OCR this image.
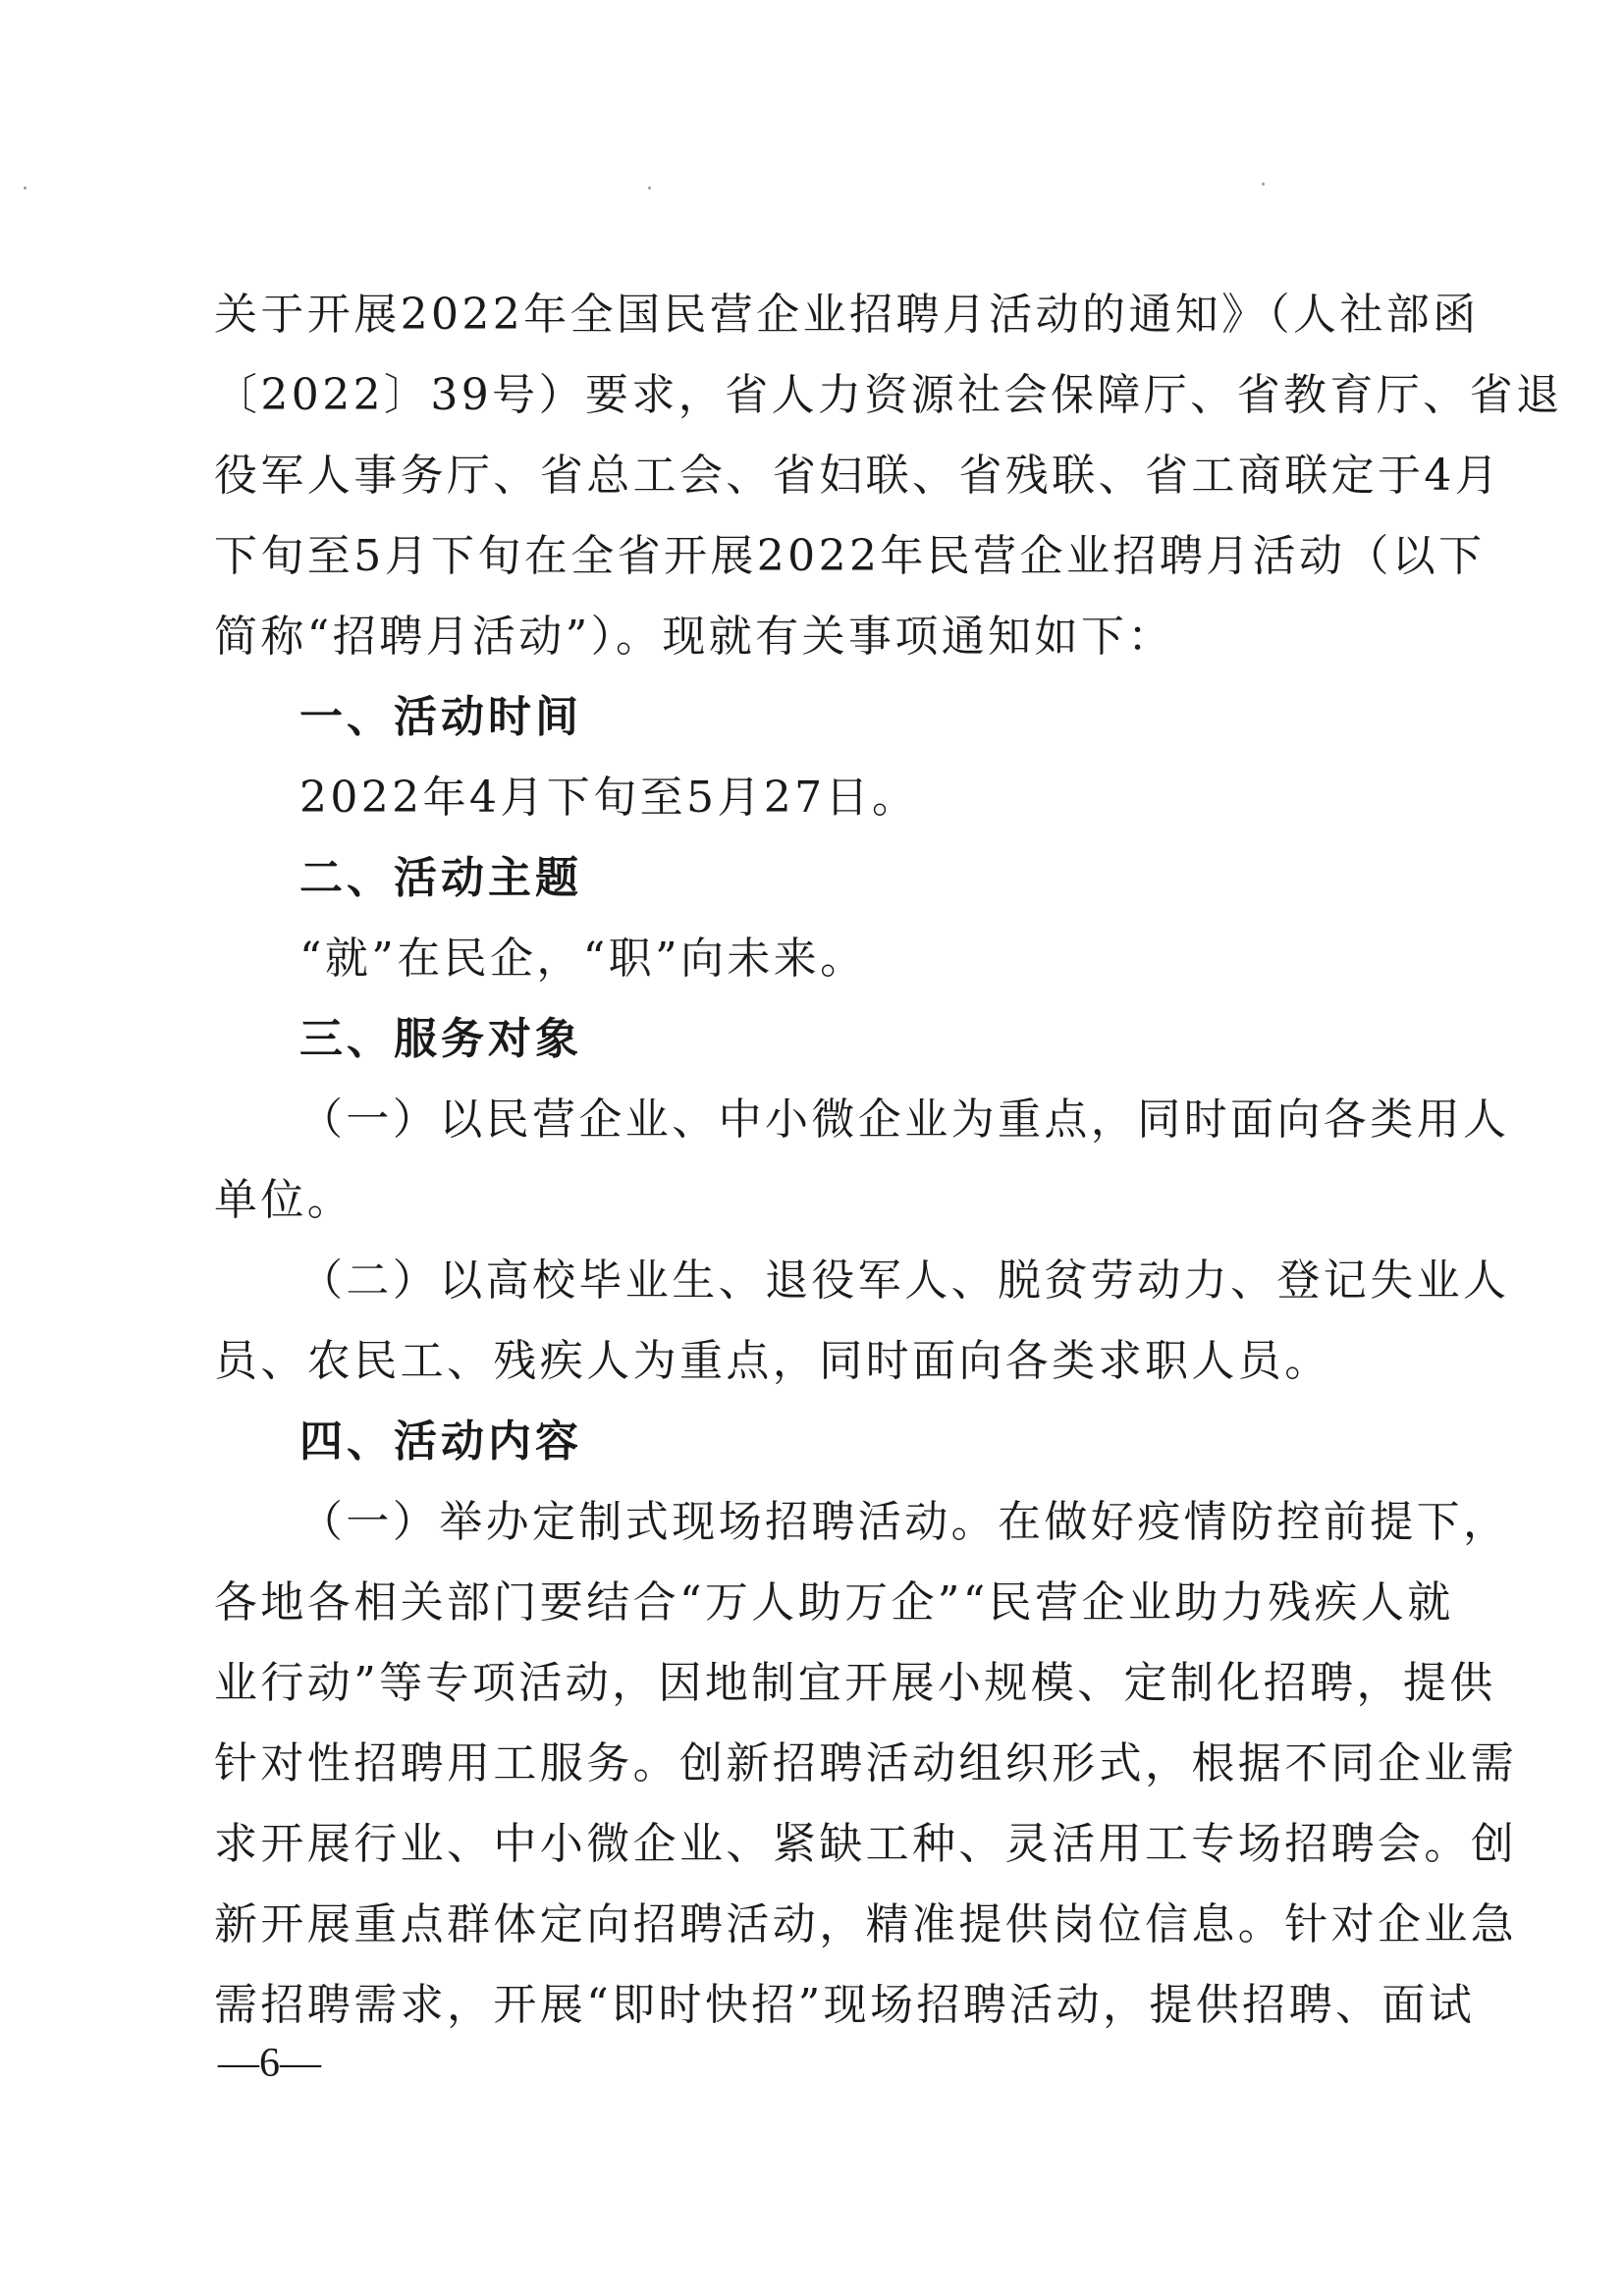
关于开展2022年全国民营企业招聘月活动的通知》（人社部函
〔2022〕39号）要求，省人力资源社会保障厅、省教育厅、省退
役军人事务厅、省总工会、省妇联、省残联、省工商联定于4月
下旬至5月下旬在全省开展2022年民营企业招聘月活动（以下
简称“招聘月活动”）。现就有关事项通知如下：
一、活动时间
2022年4月下旬至5月27日。
二、活动主题
“就”在民企，“职”向未来。
三、服务对象
（一）以民营企业、中小微企业为重点，同时面向各类用人
单位。
（二）以高校毕业生、退役军人、脱贫劳动力、登记失业人
员、农民工、残疾人为重点，同时面向各类求职人员。
四、活动内容
（一）举办定制式现场招聘活动。在做好疫情防控前提下，
各地各相关部门要结合“万人助万企”“民营企业助力残疾人就
业行动”等专项活动，因地制宜开展小规模、定制化招聘，提供
针对性招聘用工服务。创新招聘活动组织形式，根据不同企业需
求开展行业、中小微企业、紧缺工种、灵活用工专场招聘会。创
新开展重点群体定向招聘活动，精准提供岗位信息。针对企业急
需招聘需求，开展“即时快招”现场招聘活动，提供招聘、面试
—6—
